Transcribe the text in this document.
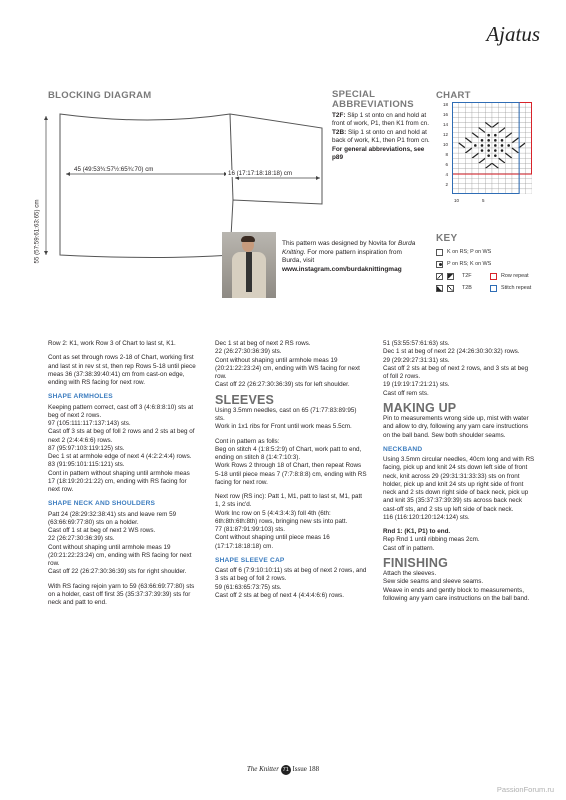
Ajatus
BLOCKING DIAGRAM
45 (49:53¾:57½:65¾:70) cm
16 (17:17:18:18:18) cm
55 (57:59:61:63:65) cm
SPECIAL
ABBREVIATIONS

T2F: Slip 1 st onto cn and hold at front of work, P1, then K1 from cn.

T2B: Slip 1 st onto cn and hold at back of work, K1, then P1 from cn.

For general abbreviations, see p89

CHART
18
16
14
12
10
8
6
4
2
10	5
KEY
K on RS; P on WS
P on RS; K on WS
T2F	Row repeat
T2B	Stitch repeat
This pattern was designed by Novita for Burda Knitting. For more pattern inspiration from Burda, visit www.instagram.com/burdaknittingmag

Row 2: K1, work Row 3 of Chart to last st, K1.

Cont as set through rows 2-18 of Chart, working first and last st in rev st st, then rep Rows 5-18 until piece meas 36 (37:38:39:40:41) cm from cast-on edge, ending with RS facing for next row.

SHAPE ARMHOLES

Keeping pattern correct, cast off 3 (4:6:8:8:10) sts at beg of next 2 rows.

97 (105:111:117:137:143) sts.

Cast off 3 sts at beg of foll 2 rows and 2 sts at beg of next 2 (2:4:4:6:6) rows.

87 (95:97:103:119:125) sts.

Dec 1 st at armhole edge of next 4 (4:2:2:4:4) rows.

83 (91:95:101:115:121) sts.

Cont in pattern without shaping until armhole meas 17 (18:19:20:21:22) cm, ending with RS facing for next row.

SHAPE NECK AND SHOULDERS

Patt 24 (28:29:32:38:41) sts and leave rem 59 (63:66:69:77:80) sts on a holder.

Cast off 1 st at beg of next 2 WS rows.

22 (26:27:30:36:39) sts.

Cont without shaping until armhole meas 19 (20:21:22:23:24) cm, ending with RS facing for next row.

Cast off 22 (26:27:30:36:39) sts for right shoulder.

With RS facing rejoin yarn to 59 (63:66:69:77:80) sts on a holder, cast off first 35 (35:37:37:39:39) sts for neck and patt to end.

Dec 1 st at beg of next 2 RS rows.

22 (26:27:30:36:39) sts.

Cont without shaping until armhole meas 19 (20:21:22:23:24) cm, ending with WS facing for next row.

Cast off 22 (26:27:30:36:39) sts for left shoulder.

SLEEVES

Using 3.5mm needles, cast on 65 (71:77:83:89:95) sts.

Work in 1x1 ribs for Front until work meas 5.5cm.

Cont in pattern as folls:

Beg on stitch 4 (1:8:5:2:9) of Chart, work patt to end, ending on stitch 8 (1:4:7:10:3).

Work Rows 2 through 18 of Chart, then repeat Rows 5-18 until piece meas 7 (7:7:8:8:8) cm, ending with RS facing for next row.

Next row (RS inc): Patt 1, M1, patt to last st, M1, patt 1, 2 sts inc'd.

Work Inc row on 5 (4:4:3:4:3) foll 4th (6th: 6th:8th:6th:8th) rows, bringing new sts into patt.

77 (81:87:91:99:103) sts.

Cont without shaping until piece meas 16 (17:17:18:18:18) cm.

SHAPE SLEEVE CAP

Cast off 6 (7:9:10:10:11) sts at beg of next 2 rows, and 3 sts at beg of foll 2 rows.

59 (61:63:65:73:75) sts.

Cast off 2 sts at beg of next 4 (4:4:4:6:6) rows.

51 (53:55:57:61:63) sts.

Dec 1 st at beg of next 22 (24:26:30:30:32) rows.

29 (29:29:27:31:31) sts.

Cast off 2 sts at beg of next 2 rows, and 3 sts at beg of foll 2 rows.

19 (19:19:17:21:21) sts.

Cast off rem sts.

MAKING UP

Pin to measurements wrong side up, mist with water and allow to dry, following any yarn care instructions on the ball band. Sew both shoulder seams.

NECKBAND

Using 3.5mm circular needles, 40cm long and with RS facing, pick up and knit 24 sts down left side of front neck, knit across 29 (29:31:31:33:33) sts on front holder, pick up and knit 24 sts up right side of front neck and 2 sts down right side of back neck, pick up and knit 35 (35:37:37:39:39) sts across back neck cast-off sts, and 2 sts up left side of back neck.

116 (116:120:120:124:124) sts.

Rnd 1: (K1, P1) to end.

Rep Rnd 1 until ribbing meas 2cm.

Cast off in pattern.

FINISHING

Attach the sleeves.

Sew side seams and sleeve seams.

Weave in ends and gently block to measurements, following any yarn care instructions on the ball band.

The Knitter 71 Issue 188
PassionForum.ru
